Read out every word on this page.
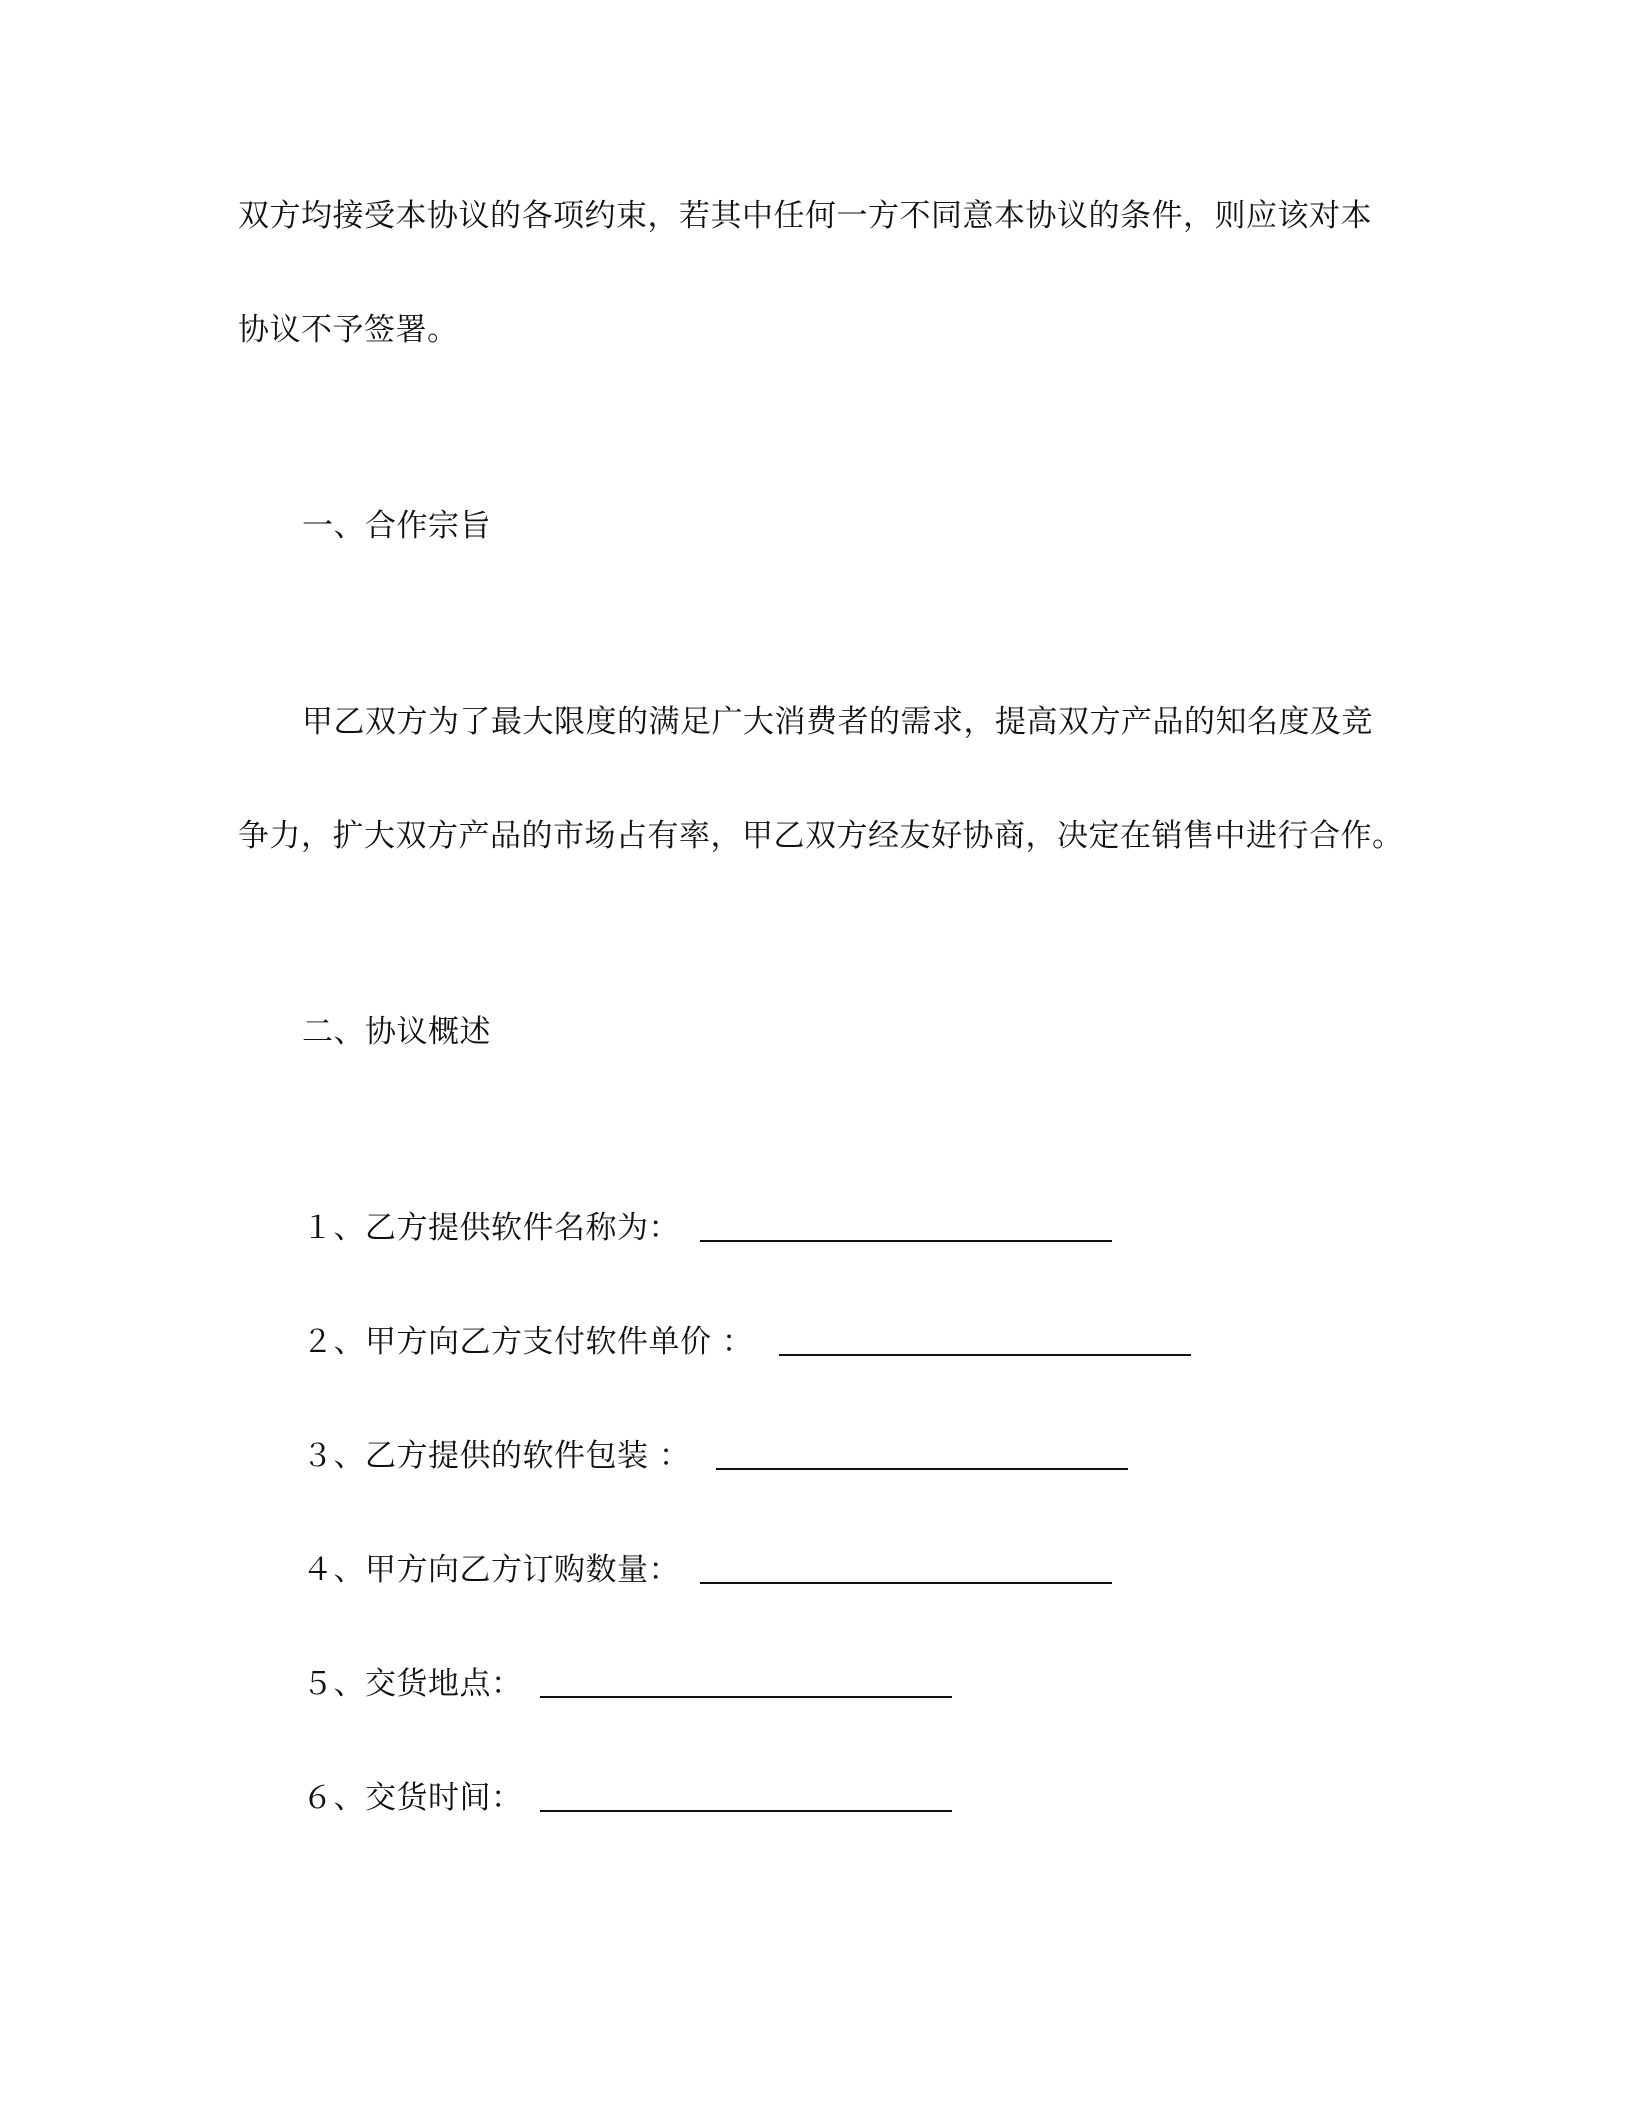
双方均接受本协议的各项约束，若其中任何一方不同意本协议的条件，则应该对本
协议不予签署。
一、合作宗旨
甲乙双方为了最大限度的满足广大消费者的需求，提高双方产品的知名度及竞
争力，扩大双方产品的市场占有率，甲乙双方经友好协商，决定在销售中进行合作。
二、协议概述
１、乙方提供软件名称为：
２、甲方向乙方支付软件单价 ：
３、乙方提供的软件包装 ：
４、甲方向乙方订购数量：
５、交货地点：
６、交货时间：
